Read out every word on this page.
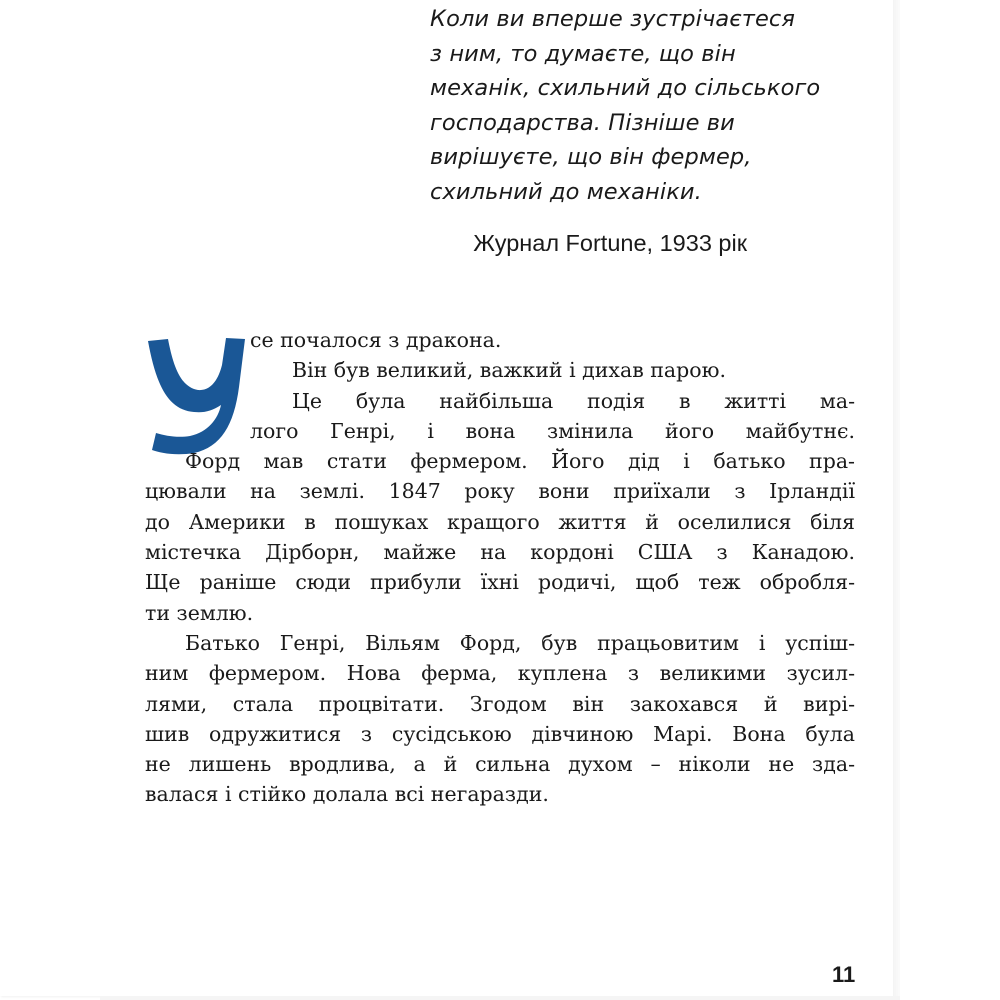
Коли ви вперше зустрічаєтеся
з ним, то думаєте, що він
механік, схильний до сільського
господарства. Пізніше ви
вирішуєте, що він фермер,
схильний до механіки.
Журнал Fortune, 1933 рік
се почалося з дракона.
Він був великий, важкий і дихав парою.
Це була найбільша подія в житті ма-
лого Генрі, і вона змінила його майбутнє.
Форд мав стати фермером. Його дід і батько пра-
цювали на землі. 1847 року вони приїхали з Ірландії
до Америки в пошуках кращого життя й оселилися біля
містечка Дірборн, майже на кордоні США з Канадою.
Ще раніше сюди прибули їхні родичі, щоб теж обробля-
ти землю.
Батько Генрі, Вільям Форд, був працьовитим і успіш-
ним фермером. Нова ферма, куплена з великими зусил-
лями, стала процвітати. Згодом він закохався й вирі-
шив одружитися з сусідською дівчиною Марі. Вона була
не лишень вродлива, а й сильна духом – ніколи не зда-
валася і стійко долала всі негаразди.
11
